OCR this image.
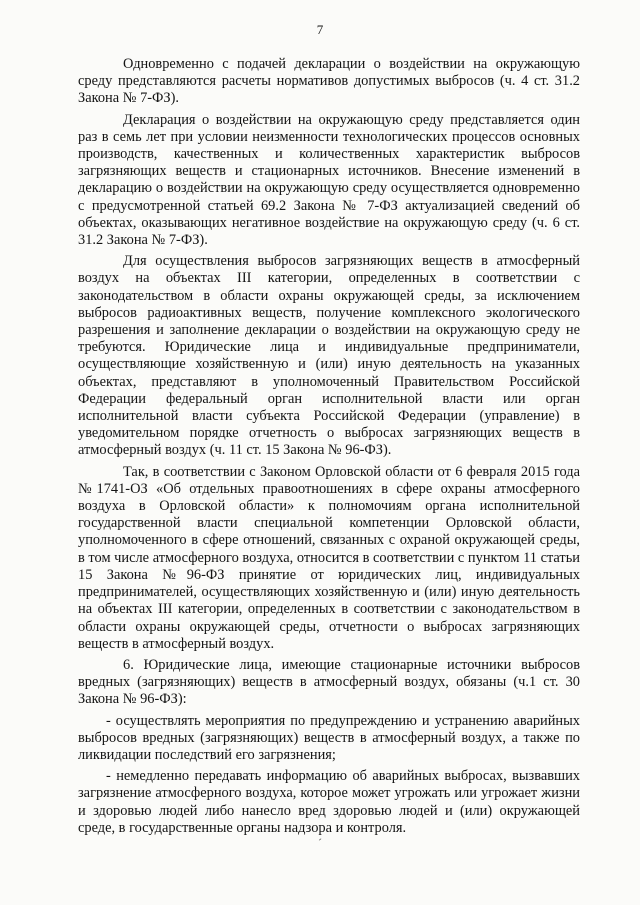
7

Одновременно с подачей декларации о воздействии на окружающую среду представляются расчеты нормативов допустимых выбросов (ч. 4 ст. 31.2 Закона № 7-ФЗ).

Декларация о воздействии на окружающую среду представляется один раз в семь лет при условии неизменности технологических процессов основных производств, качественных и количественных характеристик выбросов загрязняющих веществ и стационарных источников. Внесение изменений в декларацию о воздействии на окружающую среду осуществляется одновременно с предусмотренной статьей 69.2 Закона № 7-ФЗ актуализацией сведений об объектах, оказывающих негативное воздействие на окружающую среду (ч. 6 ст. 31.2 Закона № 7-ФЗ).

Для осуществления выбросов загрязняющих веществ в атмосферный воздух на объектах III категории, определенных в соответствии с законодательством в области охраны окружающей среды, за исключением выбросов радиоактивных веществ, получение комплексного экологического разрешения и заполнение декларации о воздействии на окружающую среду не требуются. Юридические лица и индивидуальные предприниматели, осуществляющие хозяйственную и (или) иную деятельность на указанных объектах, представляют в уполномоченный Правительством Российской Федерации федеральный орган исполнительной власти или орган исполнительной власти субъекта Российской Федерации (управление) в уведомительном порядке отчетность о выбросах загрязняющих веществ в атмосферный воздух (ч. 11 ст. 15 Закона № 96-ФЗ).

Так, в соответствии с Законом Орловской области от 6 февраля 2015 года №1741-ОЗ «Об отдельных правоотношениях в сфере охраны атмосферного воздуха в Орловской области» к полномочиям органа исполнительной государственной власти специальной компетенции Орловской области, уполномоченного в сфере отношений, связанных с охраной окружающей среды, в том числе атмосферного воздуха, относится в соответствии с пунктом 11 статьи 15 Закона №96-ФЗ принятие от юридических лиц, индивидуальных предпринимателей, осуществляющих хозяйственную и (или) иную деятельность на объектах III категории, определенных в соответствии с законодательством в области охраны окружающей среды, отчетности о выбросах загрязняющих веществ в атмосферный воздух.

6. Юридические лица, имеющие стационарные источники выбросов вредных (загрязняющих) веществ в атмосферный воздух, обязаны (ч.1 ст. 30 Закона № 96-ФЗ):

- осуществлять мероприятия по предупреждению и устранению аварийных выбросов вредных (загрязняющих) веществ в атмосферный воздух, а также по ликвидации последствий его загрязнения;

- немедленно передавать информацию об аварийных выбросах, вызвавших загрязнение атмосферного воздуха, которое может угрожать или угрожает жизни и здоровью людей либо нанесло вред здоровью людей и (или) окружающей среде, в государственные органы надзора и контроля.

ˊ
